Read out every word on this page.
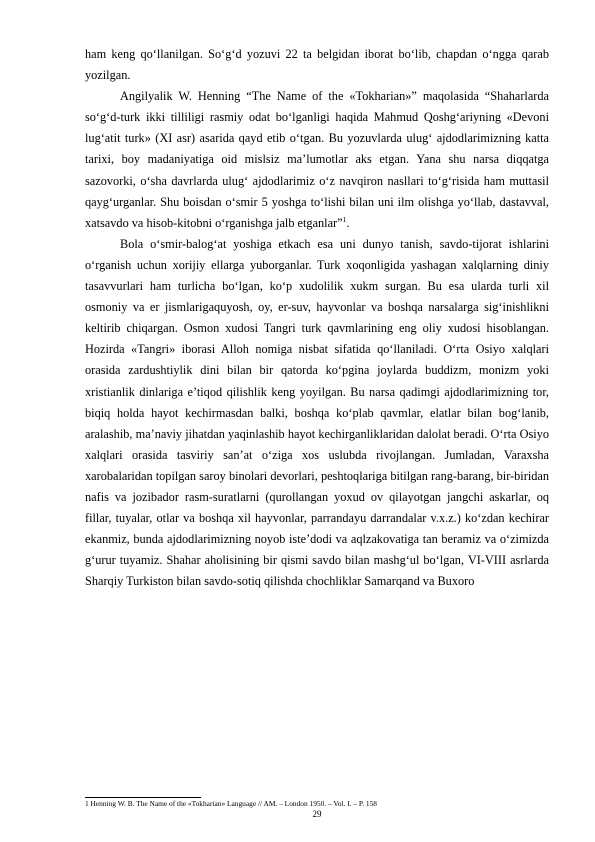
ham keng qo‘llanilgan. So‘g‘d yozuvi 22 ta belgidan iborat bo‘lib, chapdan o‘ngga qarab yozilgan.

Angilyalik W. Henning “The Name of the «Tokharian»” maqolasida “Shaharlarda so‘g‘d-turk ikki tilliligi rasmiy odat bo‘lganligi haqida Mahmud Qoshg‘ariyning «Devoni lug‘atit turk» (XI asr) asarida qayd etib o‘tgan. Bu yozuvlarda ulug‘ ajdodlarimizning katta tarixi, boy madaniyatiga oid mislsiz ma’lumotlar aks etgan. Yana shu narsa diqqatga sazovorki, o‘sha davrlarda ulug‘ ajdodlarimiz o‘z navqiron nasllari to‘g‘risida ham muttasil qayg‘urganlar. Shu boisdan o‘smir 5 yoshga to‘lishi bilan uni ilm olishga yo‘llab, dastavval, xatsavdo va hisob-kitobni o‘rganishga jalb etganlar”$^1$.

Bola o‘smir-balog‘at yoshiga etkach esa uni dunyo tanish, savdo-tijorat ishlarini o‘rganish uchun xorijiy ellarga yuborganlar. Turk xoqonligida yashagan xalqlarning diniy tasavvurlari ham turlicha bo‘lgan, ko‘p xudolilik xukm surgan. Bu esa ularda turli xil osmoniy va er jismlarigaquyosh, oy, er-suv, hayvonlar va boshqa narsalarga sig‘inishlikni keltirib chiqargan. Osmon xudosi Tangri turk qavmlarining eng oliy xudosi hisoblangan. Hozirda «Tangri» iborasi Alloh nomiga nisbat sifatida qo‘llaniladi. O‘rta Osiyo xalqlari orasida zardushtiylik dini bilan bir qatorda ko‘pgina joylarda buddizm, monizm yoki xristianlik dinlariga e’tiqod qilishlik keng yoyilgan. Bu narsa qadimgi ajdodlarimizning tor, biqiq holda hayot kechirmasdan balki, boshqa ko‘plab qavmlar, elatlar bilan bog‘lanib, aralashib, ma’naviy jihatdan yaqinlashib hayot kechirganliklaridan dalolat beradi. O‘rta Osiyo xalqlari orasida tasviriy san’at o‘ziga xos uslubda rivojlangan. Jumladan, Varaxsha xarobalaridan topilgan saroy binolari devorlari, peshtoqlariga bitilgan rang-barang, bir-biridan nafis va jozibador rasm-suratlarni (qurollangan yoxud ov qilayotgan jangchi askarlar, oq fillar, tuyalar, otlar va boshqa xil hayvonlar, parrandayu darrandalar v.x.z.) ko‘zdan kechirar ekanmiz, bunda ajdodlarimizning noyob iste’dodi va aqlzakovatiga tan beramiz va o‘zimizda g‘urur tuyamiz. Shahar aholisining bir qismi savdo bilan mashg‘ul bo‘lgan, VI-VIII asrlarda Sharqiy Turkiston bilan savdo-sotiq qilishda chochliklar Samarqand va Buxoro

1 Henning W. B. The Name of the «Tokharian» Language // AM. – London 1950. – Vol. I. – P. 158
29
